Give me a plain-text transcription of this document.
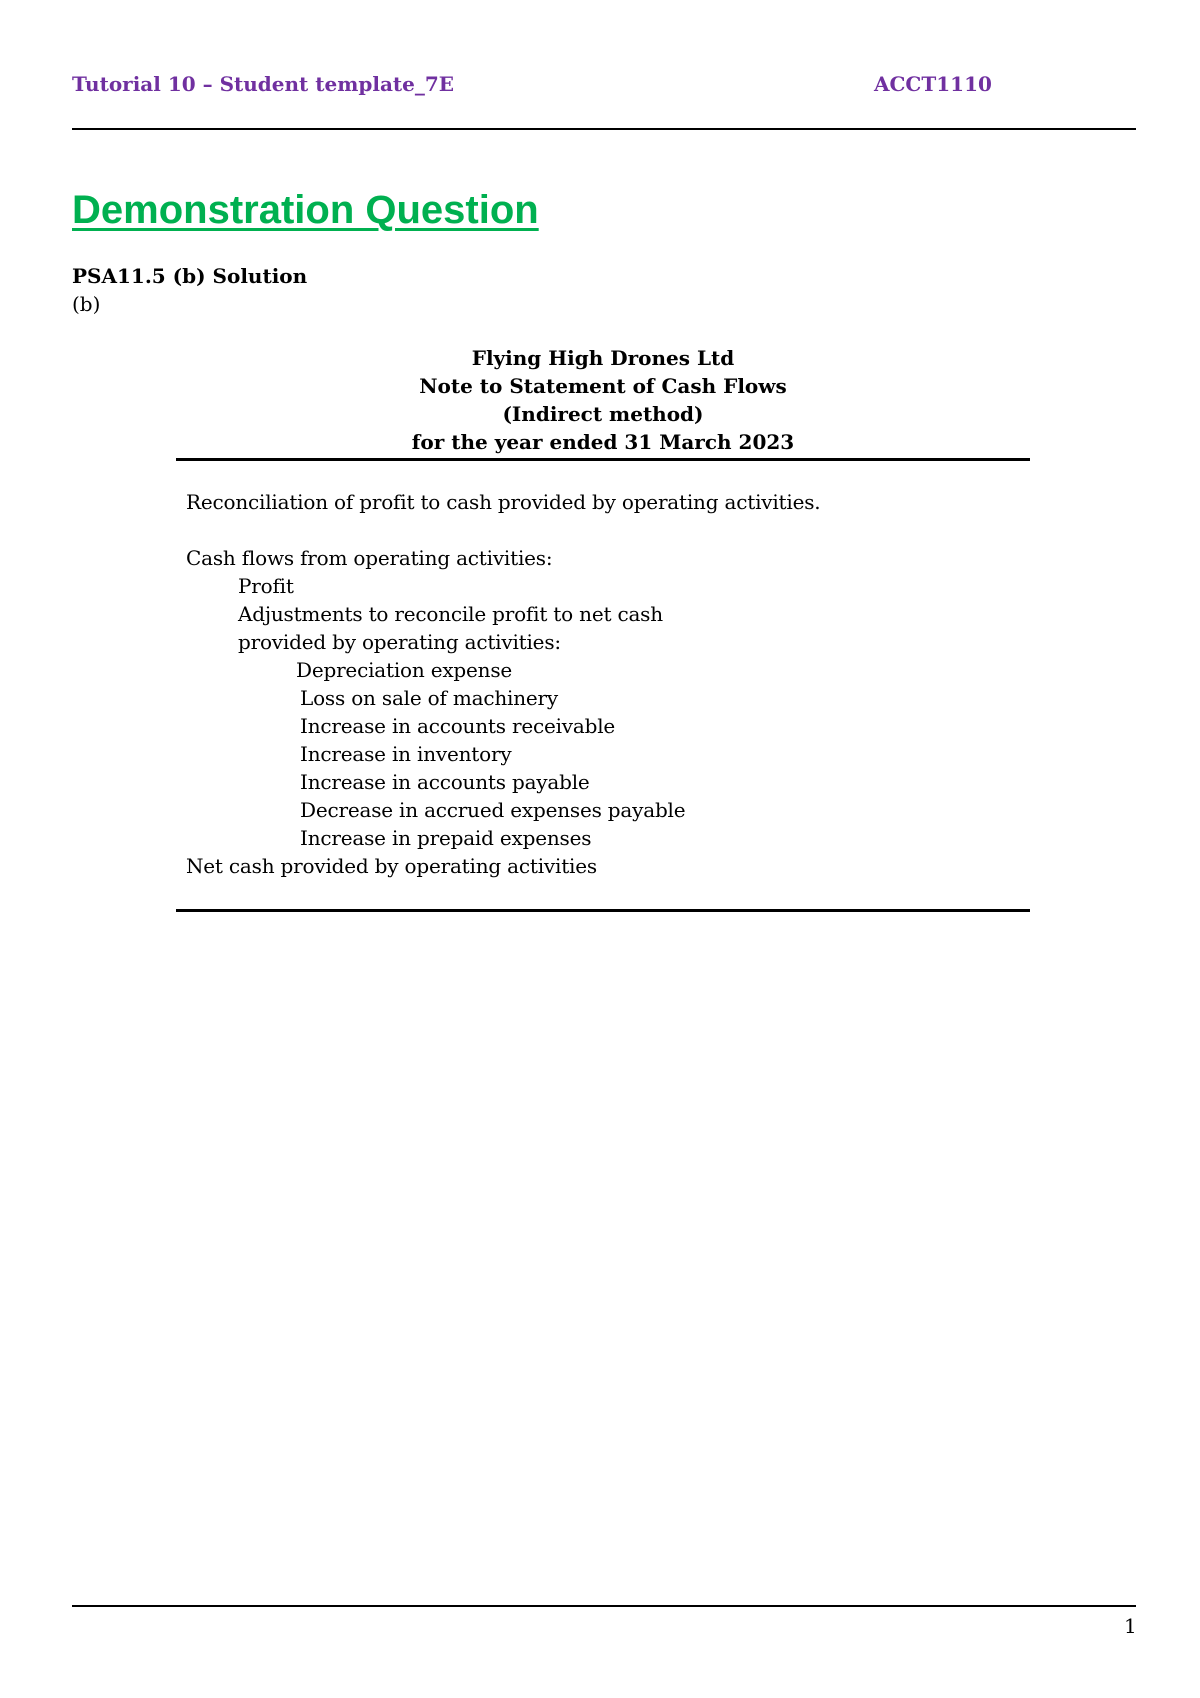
Tutorial 10 – Student template_7E	ACCT1110
Demonstration Question
PSA11.5 (b) Solution
(b)
Flying High Drones Ltd
Note to Statement of Cash Flows
(Indirect method)
for the year ended 31 March 2023
Reconciliation of profit to cash provided by operating activities.
Cash flows from operating activities:
Profit
Adjustments to reconcile profit to net cash
provided by operating activities:
Depreciation expense
Loss on sale of machinery
Increase in accounts receivable
Increase in inventory
Increase in accounts payable
Decrease in accrued expenses payable
Increase in prepaid expenses
Net cash provided by operating activities
1
